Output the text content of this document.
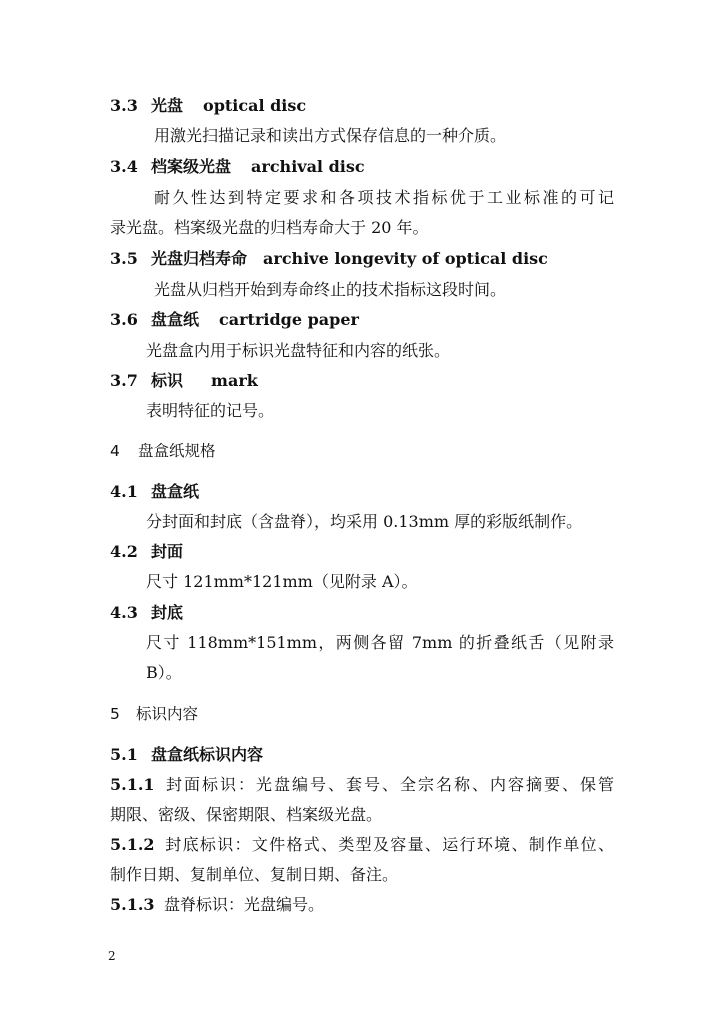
3.3 光盘 optical disc
用激光扫描记录和读出方式保存信息的一种介质。
3.4 档案级光盘 archival disc
耐久性达到特定要求和各项技术指标优于工业标准的可记
录光盘。档案级光盘的归档寿命大于 20 年。
3.5 光盘归档寿命 archive longevity of optical disc
光盘从归档开始到寿命终止的技术指标这段时间。
3.6 盘盒纸 cartridge paper
光盘盒内用于标识光盘特征和内容的纸张。
3.7 标识 mark
表明特征的记号。
4 盘盒纸规格
4.1 盘盒纸
分封面和封底（含盘脊），均采用 0.13mm 厚的彩版纸制作。
4.2 封面
尺寸 121mm*121mm（见附录 A）。
4.3 封底
尺寸 118mm*151mm，两侧各留 7mm 的折叠纸舌（见附录
B）。
5 标识内容
5.1 盘盒纸标识内容
5.1.1 封面标识：光盘编号、套号、全宗名称、内容摘要、保管
期限、密级、保密期限、档案级光盘。
5.1.2 封底标识：文件格式、类型及容量、运行环境、制作单位、
制作日期、复制单位、复制日期、备注。
5.1.3 盘脊标识：光盘编号。
2
